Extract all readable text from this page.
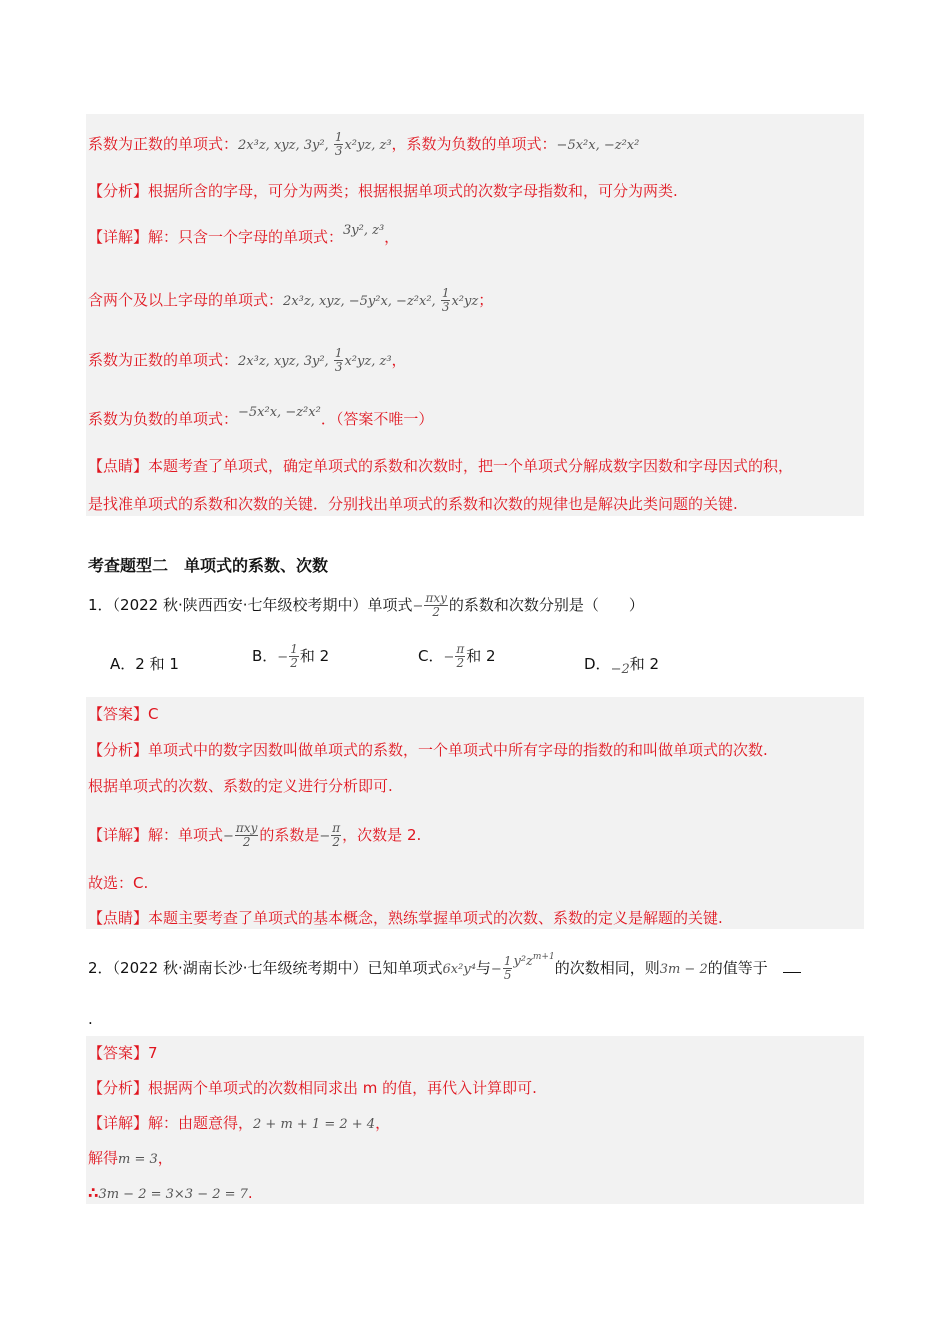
系数为正数的单项式：2x³z, xyz, 3y², $\frac{1}{3} x^2yz$, z³，系数为负数的单项式：−5x²x, −z²x²
【分析】根据所含的字母，可分为两类；根据根据单项式的次数字母指数和，可分为两类.
【详解】解：只含一个字母的单项式：3y², z³，
含两个及以上字母的单项式：2x³z, xyz, −5y²x, −z²x², $\frac{1}{3} x^2yz$；
系数为正数的单项式：2x³z, xyz, 3y², $\frac{1}{3} x^2yz$, z³，
系数为负数的单项式：−5x²x, −z²x²．（答案不唯一）
【点睛】本题考查了单项式，确定单项式的系数和次数时，把一个单项式分解成数字因数和字母因式的积，
是找准单项式的系数和次数的关键．分别找出单项式的系数和次数的规律也是解决此类问题的关键.
考查题型二　单项式的系数、次数
1．（2022 秋·陕西西安·七年级校考期中）单项式− $\frac{\text{πxy}}{2}$ 的系数和次数分别是（　　）
A．2 和 1	B．− $\frac{1}{2}$ 和 2	C．− $\frac{\pi}{2}$ 和 2	D．−2和 2
【答案】C
【分析】单项式中的数字因数叫做单项式的系数，一个单项式中所有字母的指数的和叫做单项式的次数.
根据单项式的次数、系数的定义进行分析即可.
【详解】解：单项式− $\frac{\text{πxy}}{2}$ 的系数是− $\frac{\pi}{2}$ ，次数是 2.
故选：C.
【点睛】本题主要考查了单项式的基本概念，熟练掌握单项式的次数、系数的定义是解题的关键.
2．（2022 秋·湖南长沙·七年级统考期中）已知单项式6x²y⁴与− $\frac{1}{5} y^2z^{m+1}$的次数相同，则3m − 2的值等于　
.
【答案】7
【分析】根据两个单项式的次数相同求出 m 的值，再代入计算即可.
【详解】解：由题意得，2 + m + 1 = 2 + 4，
解得m = 3，
∴3m − 2 = 3×3 − 2 = 7.
